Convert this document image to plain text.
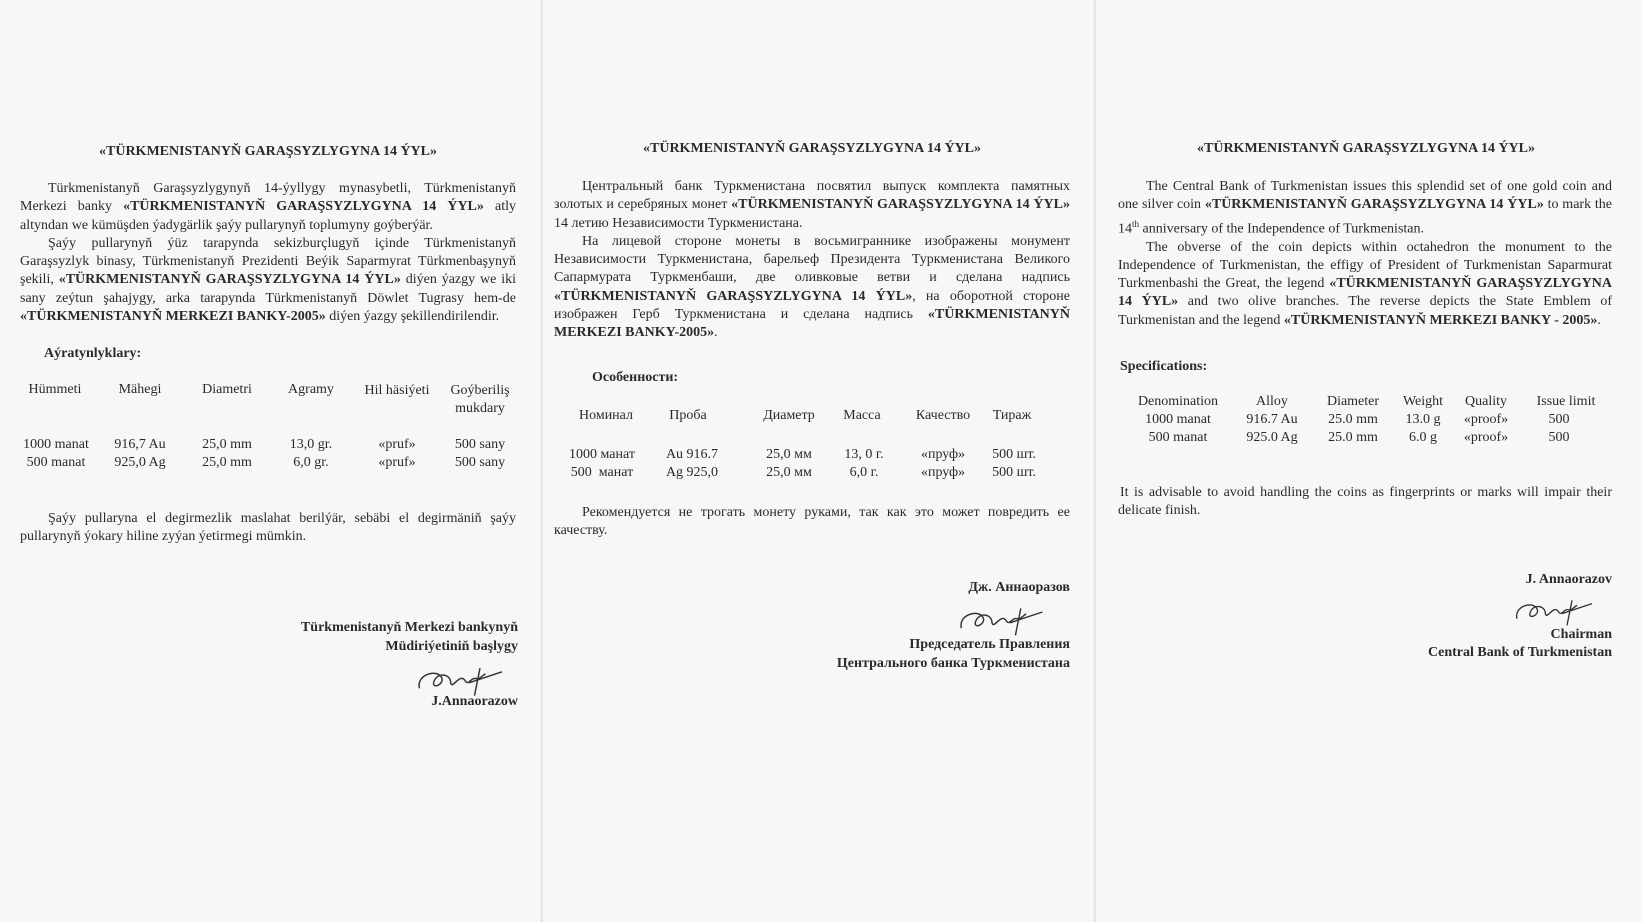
«TÜRKMENISTANYŇ GARAŞSYZLYGYNA 14 ÝYL»

Türkmenistanyň Garaşsyzlygynyň 14-ýyllygy mynasybetli, Türkmenistanyň Merkezi banky «TÜRKMENISTANYŇ GARAŞSYZLYGYNA 14 ÝYL» atly altyndan we kümüşden ýadygärlik şaýy pullarynyň toplumyny goýberýär.

Şaýy pullarynyň ýüz tarapynda sekizburçlugyň içinde Türkmenistanyň Garaşsyzlyk binasy, Türkmenistanyň Prezidenti Beýik Saparmyrat Türkmenbaşynyň şekili, «TÜRKMENISTANYŇ GARAŞSYZLYGYNA 14 ÝYL» diýen ýazgy we iki sany zeýtun şahajygy, arka tarapynda Türkmenistanyň Döwlet Tugrasy hem-de «TÜRKMENISTANYŇ MERKEZI BANKY-2005» diýen ýazgy şekillendirilendir.

Aýratynlyklary:
Hümmeti	Mähegi	Diametri	Agramy	Hil häsiýeti	Goýberiliş mukdary
1000 manat	916,7 Au	25,0 mm	13,0 gr.	«pruf»	500 sany
500 manat	925,0 Ag	25,0 mm	6,0 gr.	«pruf»	500 sany
Şaýy pullaryna el degirmezlik maslahat berilýär, sebäbi el degirmäniň şaýy pullarynyň ýokary hiline zyýan ýetirmegi mümkin.
Türkmenistanyň Merkezi bankynyň
Müdiriýetiniň başlygy
J.Annaorazow
«TÜRKMENISTANYŇ GARAŞSYZLYGYNA 14 ÝYL»

Центральный банк Туркменистана посвятил выпуск комплекта памятных золотых и серебряных монет «TÜRKMENISTANYŇ GARAŞSYZLYGYNA 14 ÝYL» 14 летию Независимости Туркменистана.

На лицевой стороне монеты в восьмиграннике изображены монумент Независимости Туркменистана, барельеф Президента Туркменистана Великого Сапармурата Туркменбаши, две оливковые ветви и сделана надпись «TÜRKMENISTANYŇ GARAŞSYZLYGYNA 14 ÝYL», на оборотной стороне изображен Герб Туркменистана и сделана надпись «TÜRKMENISTANYŇ MERKEZI BANKY-2005».

Особенности:
Номинал	Проба	Диаметр	Масса	Качество	Тираж
1000 манат	Au 916.7	25,0 мм	13, 0 г.	«пруф»	500 шт.
500  манат	Ag 925,0	25,0 мм	6,0 г.	«пруф»	500 шт.
Рекомендуется не трогать монету руками, так как это может повредить ее качеству.
Дж. Аннаоразов
Председатель Правления
Центрального банка Туркменистана
«TÜRKMENISTANYŇ GARAŞSYZLYGYNA 14 ÝYL»

The Central Bank of Turkmenistan issues this splendid set of one gold coin and one silver coin «TÜRKMENISTANYŇ GARAŞSYZLYGYNA 14 ÝYL» to mark the 14th anniversary of the Independence of Turkmenistan.

The obverse of the coin depicts within octahedron the monument to the Independence of Turkmenistan, the effigy of President of Turkmenistan Saparmurat Turkmenbashi the Great, the legend «TÜRKMENISTANYŇ GARAŞSYZLYGYNA 14 ÝYL» and two olive branches. The reverse depicts the State Emblem of Turkmenistan and the legend «TÜRKMENISTANYŇ MERKEZI BANKY - 2005».

Specifications:
Denomination	Alloy	Diameter	Weight	Quality	Issue limit
1000 manat	916.7 Au	25.0 mm	13.0 g	«proof»	500
500 manat	925.0 Ag	25.0 mm	6.0 g	«proof»	500
It is advisable to avoid handling the coins as fingerprints or marks will impair their delicate finish.
J. Annaorazov
Chairman
Central Bank of Turkmenistan
